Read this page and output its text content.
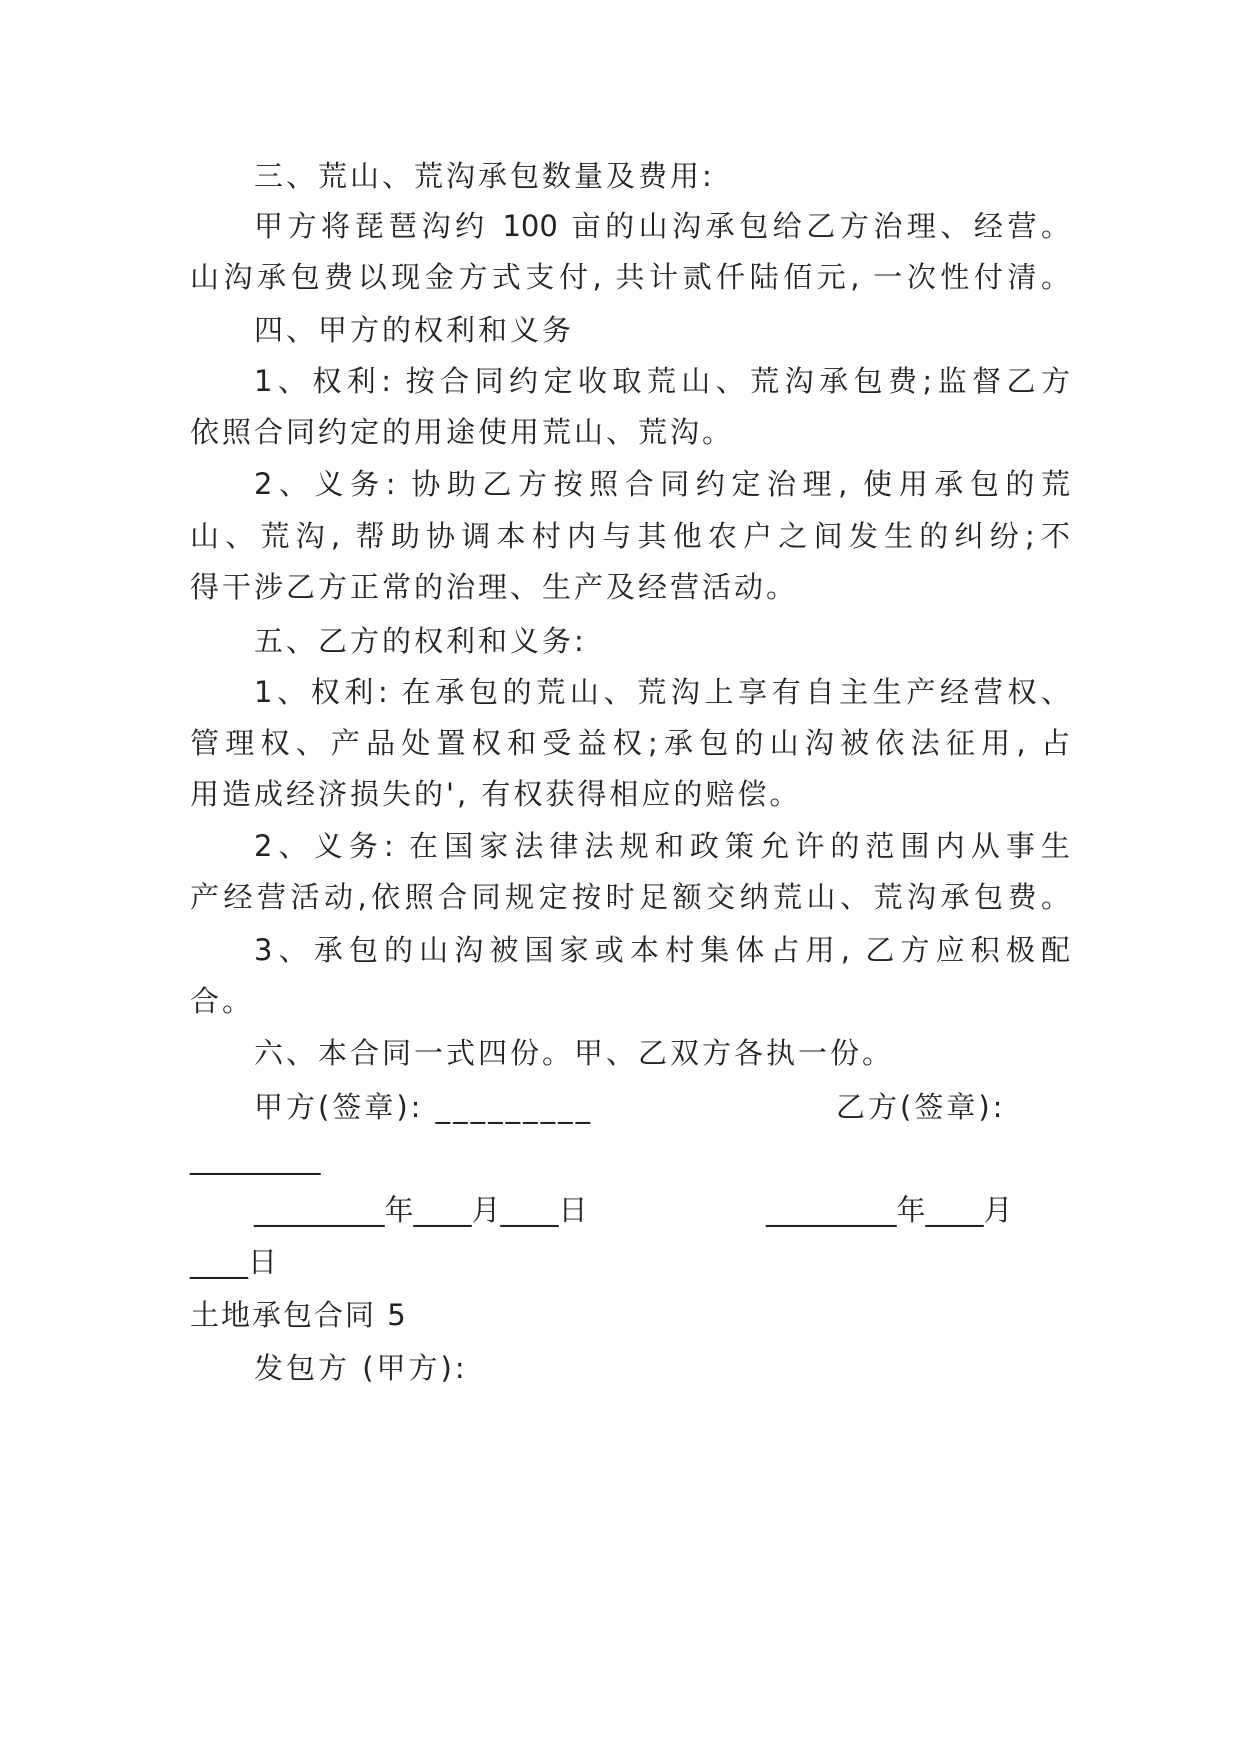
三、荒山、荒沟承包数量及费用:
甲方将琵琶沟约 100 亩的山沟承包给乙方治理、经营。
山沟承包费以现金方式支付, 共计贰仟陆佰元, 一次性付清。
四、甲方的权利和义务
1、权利: 按合同约定收取荒山、荒沟承包费;监督乙方
依照合同约定的用途使用荒山、荒沟。
2、义务: 协助乙方按照合同约定治理, 使用承包的荒
山、荒沟, 帮助协调本村内与其他农户之间发生的纠纷;不
得干涉乙方正常的治理、生产及经营活动。
五、乙方的权利和义务:
1、权利: 在承包的荒山、荒沟上享有自主生产经营权、
管理权、产品处置权和受益权;承包的山沟被依法征用, 占
用造成经济损失的', 有权获得相应的赔偿。
2、义务: 在国家法律法规和政策允许的范围内从事生
产经营活动,依照合同规定按时足额交纳荒山、荒沟承包费。
3、承包的山沟被国家或本村集体占用, 乙方应积极配
合。
六、本合同一式四份。甲、乙双方各执一份。
甲方(签章): _________	乙方(签章):
_________
_________年____月____日	_________年____月
____日
土地承包合同 5
发包方 (甲方):
